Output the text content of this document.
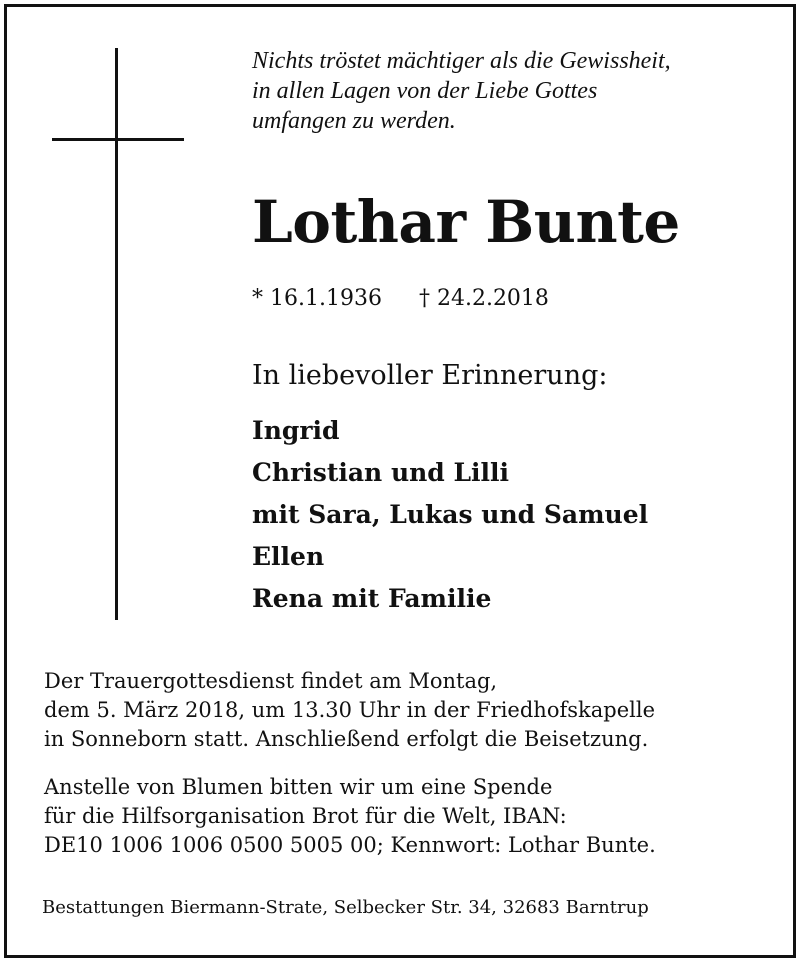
Nichts tröstet mächtiger als die Gewissheit,
in allen Lagen von der Liebe Gottes
umfangen zu werden.
Lothar Bunte
* 16.1.1936 † 24.2.2018
In liebevoller Erinnerung:
Ingrid
Christian und Lilli
mit Sara, Lukas und Samuel
Ellen
Rena mit Familie
Der Trauergottesdienst findet am Montag,
dem 5. März 2018, um 13.30 Uhr in der Friedhofskapelle
in Sonneborn statt. Anschließend erfolgt die Beisetzung.
Anstelle von Blumen bitten wir um eine Spende
für die Hilfsorganisation Brot für die Welt, IBAN:
DE10 1006 1006 0500 5005 00; Kennwort: Lothar Bunte.
Bestattungen Biermann-Strate, Selbecker Str. 34, 32683 Barntrup
